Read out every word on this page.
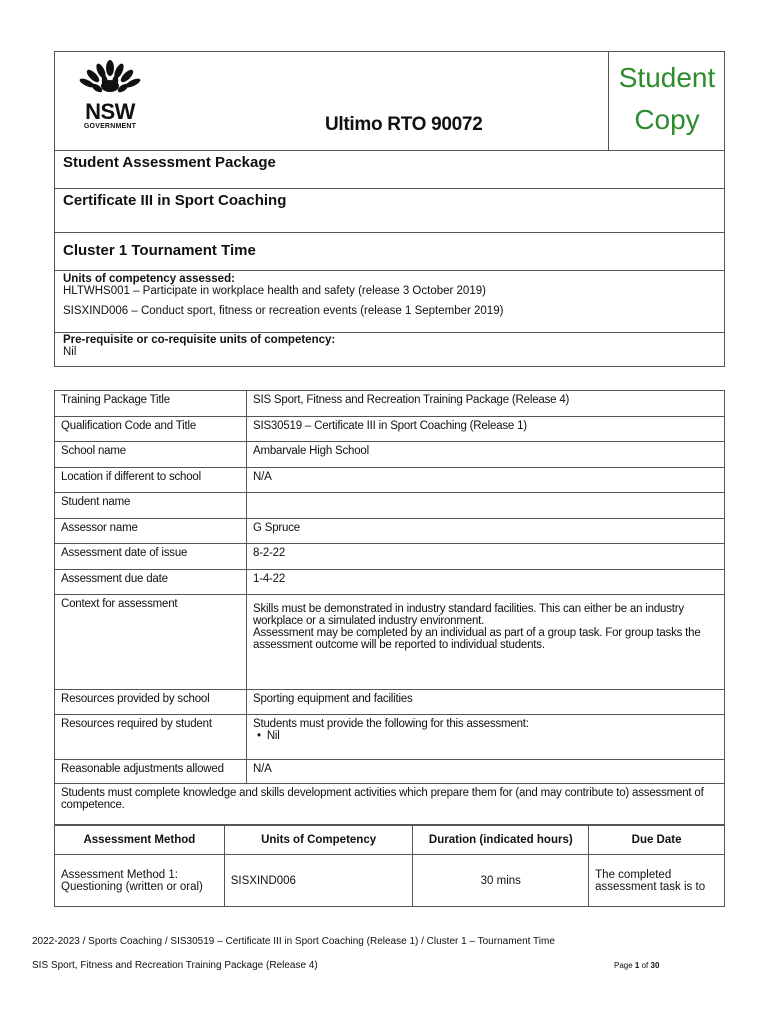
NSW
GOVERNMENT	Ultimo RTO 90072
Student
Copy
Student Assessment Package
Certificate III in Sport Coaching
Cluster 1 Tournament Time
Units of competency assessed:
HLTWHS001 – Participate in workplace health and safety (release 3 October 2019)
SISXIND006 – Conduct sport, fitness or recreation events (release 1 September 2019)
Pre-requisite or co-requisite units of competency:
Nil
Training Package Title	SIS Sport, Fitness and Recreation Training Package (Release 4)
Qualification Code and Title	SIS30519 – Certificate III in Sport Coaching (Release 1)
School name	Ambarvale High School
Location if different to school	N/A
Student name	
Assessor name	G Spruce
Assessment date of issue	8-2-22
Assessment due date	1-4-22
Context for assessment	Skills must be demonstrated in industry standard facilities. This can either be an industry workplace or a simulated industry environment.

Assessment may be completed by an individual as part of a group task. For group tasks the assessment outcome will be reported to individual students.

Resources provided by school	Sporting equipment and facilities
Resources required by student	Students must provide the following for this assessment:

•  Nil

Reasonable adjustments allowed	N/A
Students must complete knowledge and skills development activities which prepare them for (and may contribute to) assessment of competence.	
Assessment Method	Units of Competency	Duration (indicated hours)	Due Date
Assessment Method 1: Questioning (written or oral)	SISXIND006	30 mins	The completed assessment task is to
2022-2023 / Sports Coaching / SIS30519 – Certificate III in Sport Coaching (Release 1) / Cluster 1 – Tournament Time
SIS Sport, Fitness and Recreation Training Package (Release 4)	Page 1 of 30
